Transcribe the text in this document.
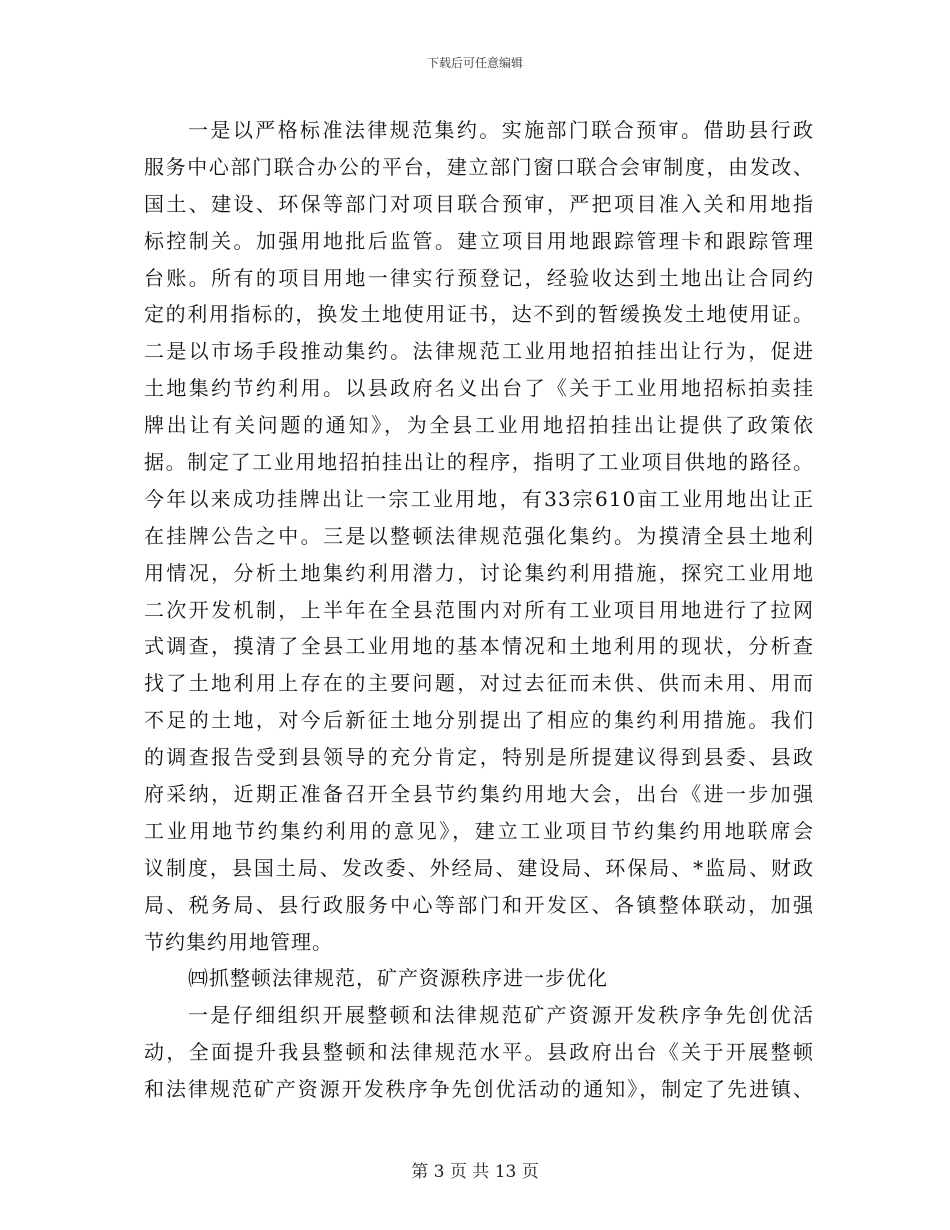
下载后可任意编辑
一是以严格标准法律规范集约。实施部门联合预审。借助县行政
服务中心部门联合办公的平台，建立部门窗口联合会审制度，由发改、
国土、建设、环保等部门对项目联合预审，严把项目准入关和用地指
标控制关。加强用地批后监管。建立项目用地跟踪管理卡和跟踪管理
台账。所有的项目用地一律实行预登记，经验收达到土地出让合同约
定的利用指标的，换发土地使用证书，达不到的暂缓换发土地使用证。
二是以市场手段推动集约。法律规范工业用地招拍挂出让行为，促进
土地集约节约利用。以县政府名义出台了《关于工业用地招标拍卖挂
牌出让有关问题的通知》，为全县工业用地招拍挂出让提供了政策依
据。制定了工业用地招拍挂出让的程序，指明了工业项目供地的路径。
今年以来成功挂牌出让一宗工业用地，有33宗610亩工业用地出让正
在挂牌公告之中。三是以整顿法律规范强化集约。为摸清全县土地利
用情况，分析土地集约利用潜力，讨论集约利用措施，探究工业用地
二次开发机制，上半年在全县范围内对所有工业项目用地进行了拉网
式调查，摸清了全县工业用地的基本情况和土地利用的现状，分析查
找了土地利用上存在的主要问题，对过去征而未供、供而未用、用而
不足的土地，对今后新征土地分别提出了相应的集约利用措施。我们
的调查报告受到县领导的充分肯定，特别是所提建议得到县委、县政
府采纳，近期正准备召开全县节约集约用地大会，出台《进一步加强
工业用地节约集约利用的意见》，建立工业项目节约集约用地联席会
议制度，县国土局、发改委、外经局、建设局、环保局、*监局、财政
局、税务局、县行政服务中心等部门和开发区、各镇整体联动，加强
节约集约用地管理。
㈣抓整顿法律规范，矿产资源秩序进一步优化
一是仔细组织开展整顿和法律规范矿产资源开发秩序争先创优活
动，全面提升我县整顿和法律规范水平。县政府出台《关于开展整顿
和法律规范矿产资源开发秩序争先创优活动的通知》，制定了先进镇、
第 3 页 共 13 页
